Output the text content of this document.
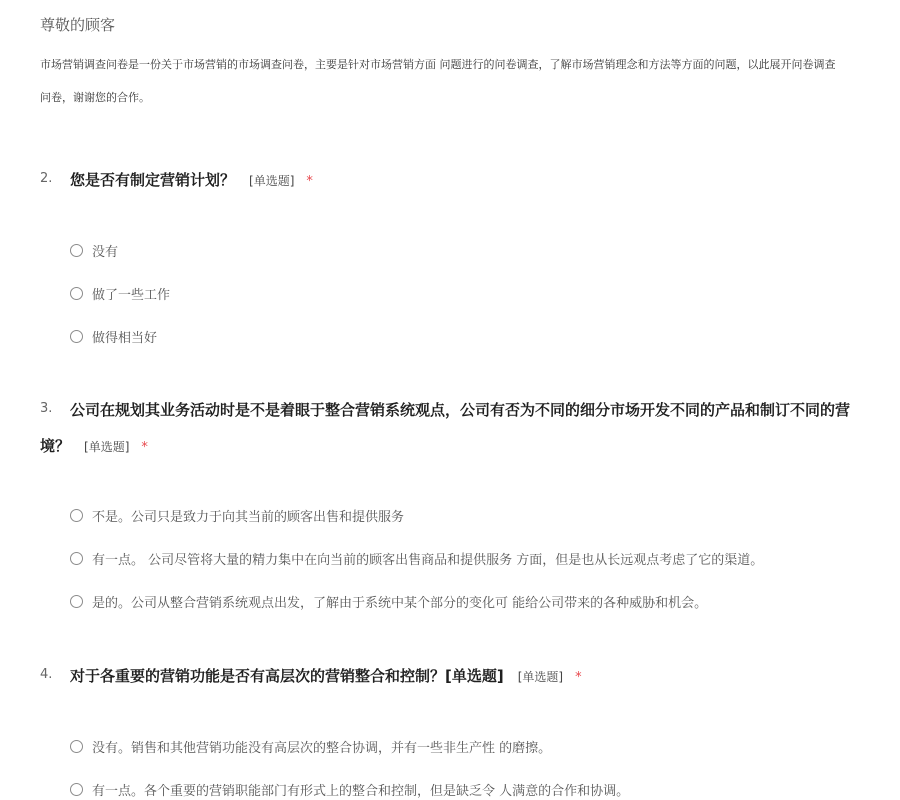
尊敬的顾客
市场营销调查问卷是一份关于市场营销的市场调查问卷，主要是针对市场营销方面 问题进行的问卷调查，了解市场营销理念和方法等方面的问题，以此展开问卷调查
问卷，谢谢您的合作。
2. 您是否有制定营销计划？ [单选题] *
没有
做了一些工作
做得相当好
3. 公司在规划其业务活动时是不是着眼于整合营销系统观点，公司有否为不同的细分市场开发不同的产品和制订不同的营
境？ [单选题] *
不是。公司只是致力于向其当前的顾客出售和提供服务
有一点。 公司尽管将大量的精力集中在向当前的顾客出售商品和提供服务 方面，但是也从长远观点考虑了它的渠道。
是的。公司从整合营销系统观点出发，了解由于系统中某个部分的变化可 能给公司带来的各种威胁和机会。
4. 对于各重要的营销功能是否有高层次的营销整合和控制？[单选题] [单选题] *
没有。销售和其他营销功能没有高层次的整合协调，并有一些非生产性 的磨擦。
有一点。各个重要的营销职能部门有形式上的整合和控制，但是缺乏令 人满意的合作和协调。
